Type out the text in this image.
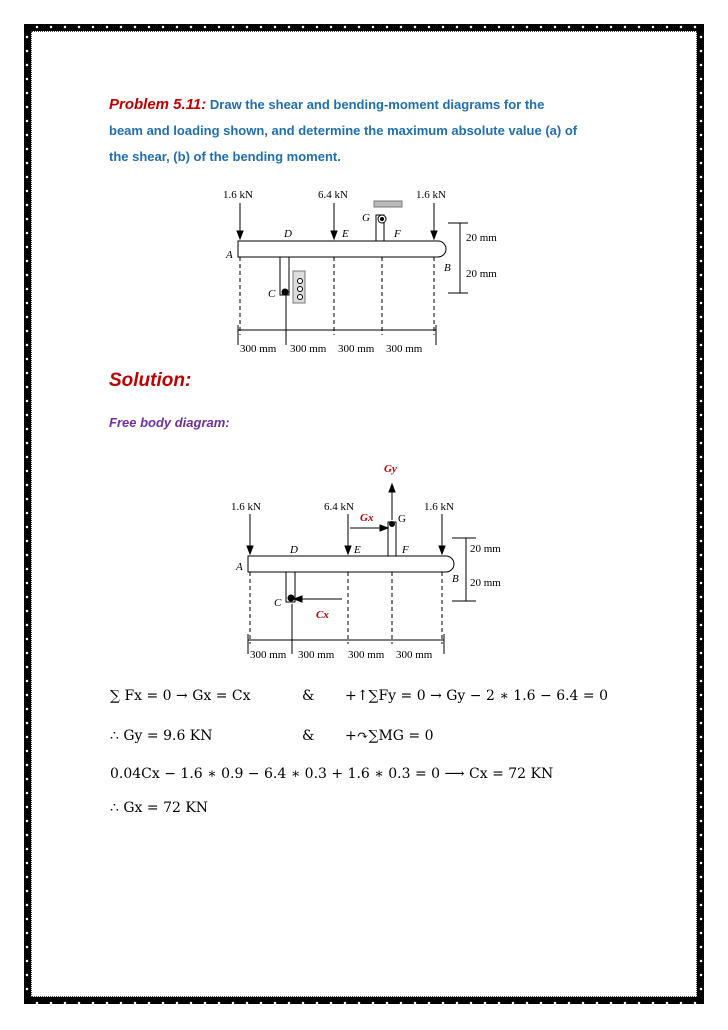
Problem 5.11: Draw the shear and bending-moment diagrams for the
beam and loading shown, and determine the maximum absolute value (a) of
the shear, (b) of the bending moment.
1.6 kN	6.4 kN	1.6 kN
A
B
C
D	E	F
G
20 mm
20 mm
300 mm 300 mm 300 mm 300 mm
Solution:
Free body diagram:
1.6 kN	6.4 kN	1.6 kN
Gy
Gx
Cx
A
B
C
D	E	F
G
20 mm
20 mm
300 mm 300 mm 300 mm 300 mm
∑ Fx = 0 → Gx = Cx	& +↑∑Fy = 0 → Gy − 2 ∗ 1.6 − 6.4 = 0
∴ Gy = 9.6 KN	& +↷∑MG = 0
0.04Cx − 1.6 ∗ 0.9 − 6.4 ∗ 0.3 + 1.6 ∗ 0.3 = 0 ⟶ Cx = 72 KN
∴ Gx = 72 KN
